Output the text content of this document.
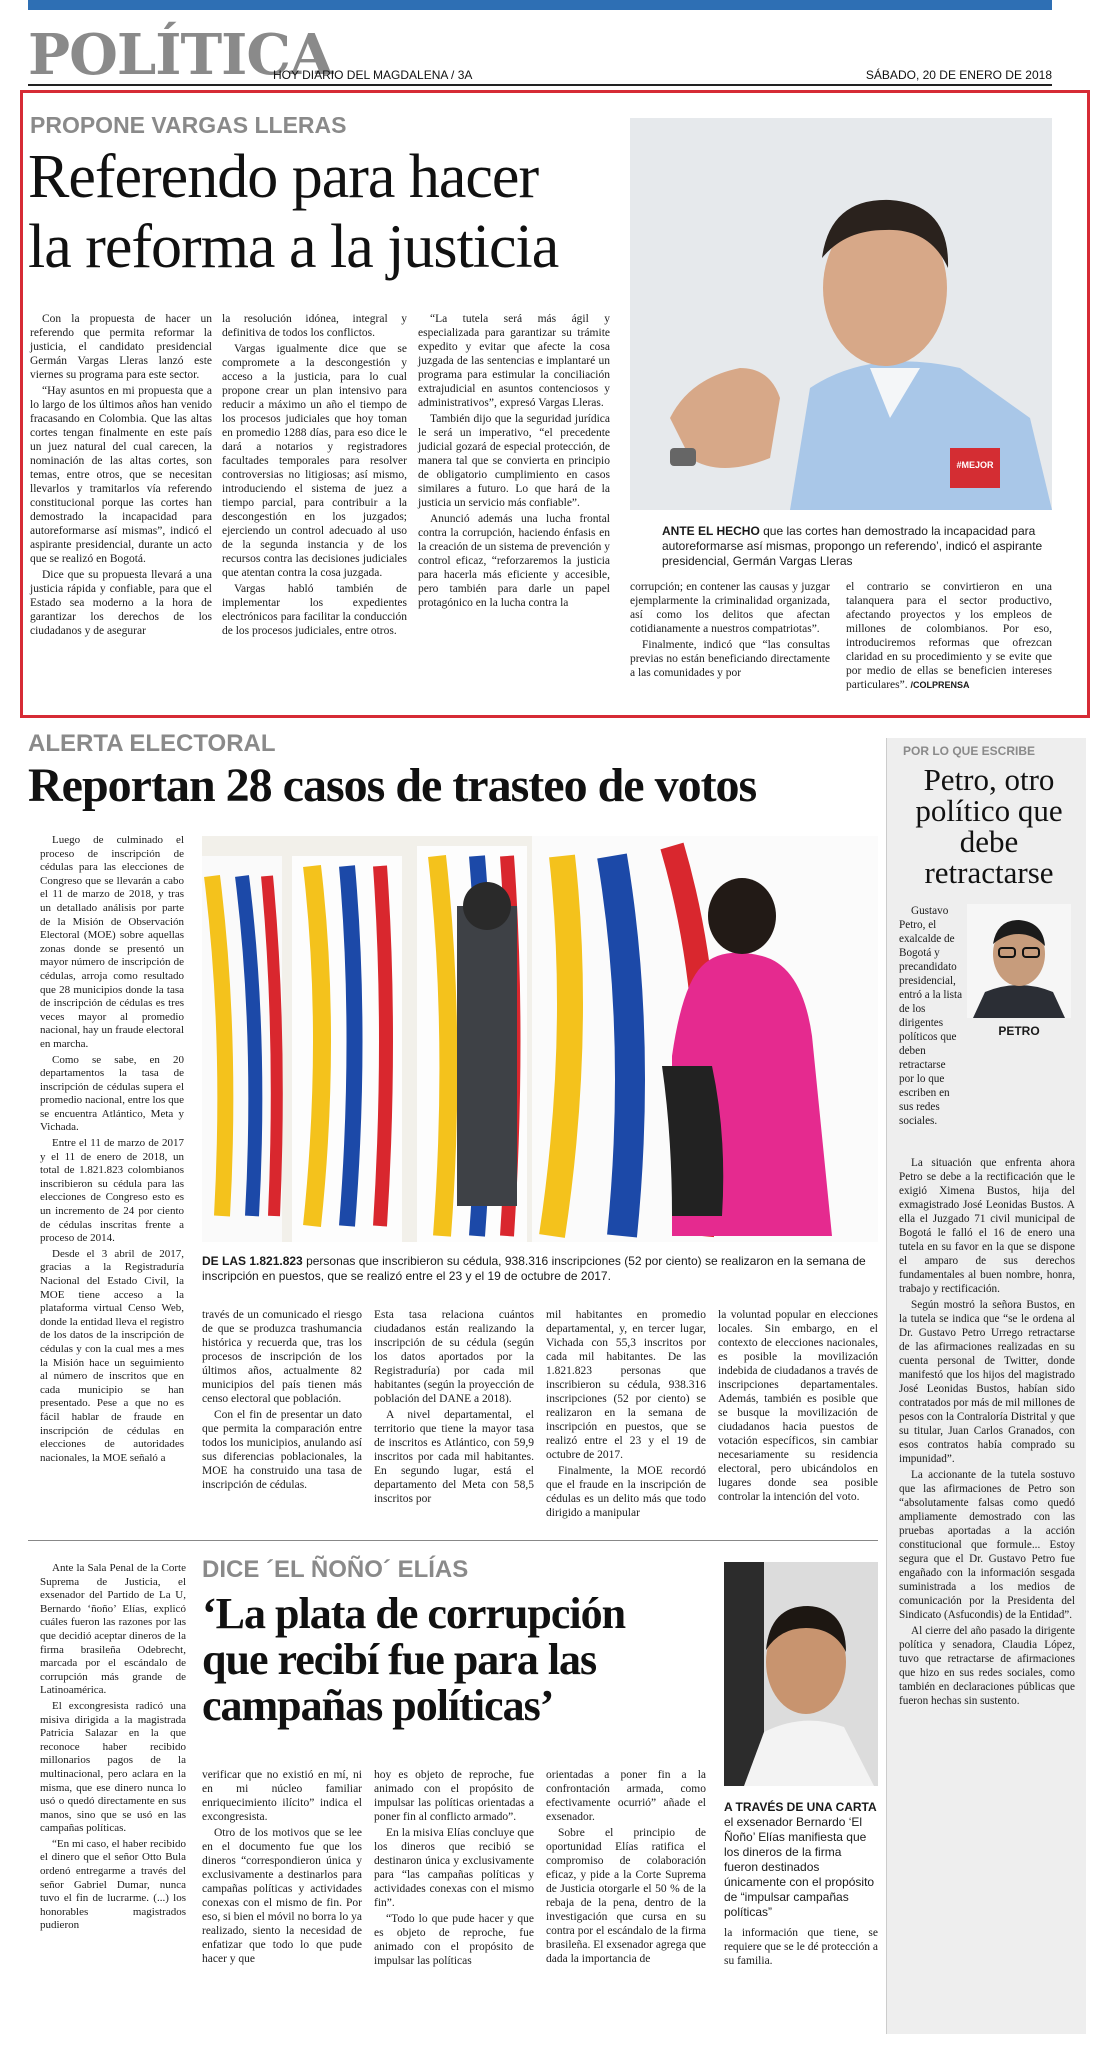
POLÍTICA
HOY DIARIO DEL MAGDALENA / 3A	SÁBADO, 20 DE ENERO DE 2018
PROPONE VARGAS LLERAS
Referendo para hacer
la reforma a la justicia

Con la propuesta de hacer un referendo que permita reformar la justicia, el candidato presidencial Germán Vargas Lleras lanzó este viernes su programa para este sector.

“Hay asuntos en mi propuesta que a lo largo de los últimos años han venido fracasando en Colombia. Que las altas cortes tengan finalmente en este país un juez natural del cual carecen, la nominación de las altas cortes, son temas, entre otros, que se necesitan llevarlos y tramitarlos vía referendo constitucional porque las cortes han demostrado la incapacidad para autoreformarse así mismas”, indicó el aspirante presidencial, durante un acto que se realizó en Bogotá.

Dice que su propuesta llevará a una justicia rápida y confiable, para que el Estado sea moderno a la hora de garantizar los derechos de los ciudadanos y de asegurar

la resolución idónea, integral y definitiva de todos los conflictos.

Vargas igualmente dice que se compromete a la descongestión y acceso a la justicia, para lo cual propone crear un plan intensivo para reducir a máximo un año el tiempo de los procesos judiciales que hoy toman en promedio 1288 días, para eso dice le dará a notarios y registradores facultades temporales para resolver controversias no litigiosas; así mismo, introduciendo el sistema de juez a tiempo parcial, para contribuir a la descongestión en los juzgados; ejerciendo un control adecuado al uso de la segunda instancia y de los recursos contra las decisiones judiciales que atentan contra la cosa juzgada.

Vargas habló también de implementar los expedientes electrónicos para facilitar la conducción de los procesos judiciales, entre otros.

“La tutela será más ágil y especializada para garantizar su trámite expedito y evitar que afecte la cosa juzgada de las sentencias e implantaré un programa para estimular la conciliación extrajudicial en asuntos contenciosos y administrativos”, expresó Vargas Lleras.

También dijo que la seguridad jurídica le será un imperativo, “el precedente judicial gozará de especial protección, de manera tal que se convierta en principio de obligatorio cumplimiento en casos similares a futuro. Lo que hará de la justicia un servicio más confiable”.

Anunció además una lucha frontal contra la corrupción, haciendo énfasis en la creación de un sistema de prevención y control eficaz, “reforzaremos la justicia para hacerla más eficiente y accesible, pero también para darle un papel protagónico en la lucha contra la

#MEJOR
ANTE EL HECHO que las cortes han demostrado la incapacidad para autoreformarse así mismas, propongo un referendo’, indicó el aspirante presidencial, Germán Vargas Lleras

corrupción; en contener las causas y juzgar ejemplarmente la criminalidad organizada, así como los delitos que afectan cotidianamente a nuestros compatriotas”.

Finalmente, indicó que “las consultas previas no están beneficiando directamente a las comunidades y por

el contrario se convirtieron en una talanquera para el sector productivo, afectando proyectos y los empleos de millones de colombianos. Por eso, introduciremos reformas que ofrezcan claridad en su procedimiento y se evite que por medio de ellas se beneficien intereses particulares”. /COLPRENSA

ALERTA ELECTORAL
Reportan 28 casos de trasteo de votos

Luego de culminado el proceso de inscripción de cédulas para las elecciones de Congreso que se llevarán a cabo el 11 de marzo de 2018, y tras un detallado análisis por parte de la Misión de Observación Electoral (MOE) sobre aquellas zonas donde se presentó un mayor número de inscripción de cédulas, arroja como resultado que 28 municipios donde la tasa de inscripción de cédulas es tres veces mayor al promedio nacional, hay un fraude electoral en marcha.

Como se sabe, en 20 departamentos la tasa de inscripción de cédulas supera el promedio nacional, entre los que se encuentra Atlántico, Meta y Vichada.

Entre el 11 de marzo de 2017 y el 11 de enero de 2018, un total de 1.821.823 colombianos inscribieron su cédula para las elecciones de Congreso esto es un incremento de 24 por ciento de cédulas inscritas frente a proceso de 2014.

Desde el 3 abril de 2017, gracias a la Registraduría Nacional del Estado Civil, la MOE tiene acceso a la plataforma virtual Censo Web, donde la entidad lleva el registro de los datos de la inscripción de cédulas y con la cual mes a mes la Misión hace un seguimiento al número de inscritos que en cada municipio se han presentado. Pese a que no es fácil hablar de fraude en inscripción de cédulas en elecciones de autoridades nacionales, la MOE señaló a

DE LAS 1.821.823 personas que inscribieron su cédula, 938.316 inscripciones (52 por ciento) se realizaron en la semana de inscripción en puestos, que se realizó entre el 23 y el 19 de octubre de 2017.

través de un comunicado el riesgo de que se produzca trashumancia histórica y recuerda que, tras los procesos de inscripción de los últimos años, actualmente 82 municipios del país tienen más censo electoral que población.

Con el fin de presentar un dato que permita la comparación entre todos los municipios, anulando así sus diferencias poblacionales, la MOE ha construido una tasa de inscripción de cédulas.

Esta tasa relaciona cuántos ciudadanos están realizando la inscripción de su cédula (según los datos aportados por la Registraduría) por cada mil habitantes (según la proyección de población del DANE a 2018).

A nivel departamental, el territorio que tiene la mayor tasa de inscritos es Atlántico, con 59,9 inscritos por cada mil habitantes. En segundo lugar, está el departamento del Meta con 58,5 inscritos por

mil habitantes en promedio departamental, y, en tercer lugar, Vichada con 55,3 inscritos por cada mil habitantes. De las 1.821.823 personas que inscribieron su cédula, 938.316 inscripciones (52 por ciento) se realizaron en la semana de inscripción en puestos, que se realizó entre el 23 y el 19 de octubre de 2017.

Finalmente, la MOE recordó que el fraude en la inscripción de cédulas es un delito más que todo dirigido a manipular

la voluntad popular en elecciones locales. Sin embargo, en el contexto de elecciones nacionales, es posible la movilización indebida de ciudadanos a través de inscripciones departamentales. Además, también es posible que se busque la movilización de ciudadanos hacia puestos de votación específicos, sin cambiar necesariamente su residencia electoral, pero ubicándolos en lugares donde sea posible controlar la intención del voto.

Ante la Sala Penal de la Corte Suprema de Justicia, el exsenador del Partido de La U, Bernardo ‘ñoño’ Elías, explicó cuáles fueron las razones por las que decidió aceptar dineros de la firma brasileña Odebrecht, marcada por el escándalo de corrupción más grande de Latinoamérica.

El excongresista radicó una misiva dirigida a la magistrada Patricia Salazar en la que reconoce haber recibido millonarios pagos de la multinacional, pero aclara en la misma, que ese dinero nunca lo usó o quedó directamente en sus manos, sino que se usó en las campañas políticas.

“En mi caso, el haber recibido el dinero que el señor Otto Bula ordenó entregarme a través del señor Gabriel Dumar, nunca tuvo el fin de lucrarme. (...) los honorables magistrados pudieron

DICE ´EL ÑOÑO´ ELÍAS
‘La plata de corrupción
que recibí fue para las
campañas políticas’

verificar que no existió en mí, ni en mi núcleo familiar enriquecimiento ilícito” indica el excongresista.

Otro de los motivos que se lee en el documento fue que los dineros “correspondieron única y exclusivamente a destinarlos para campañas políticas y actividades conexas con el mismo de fin. Por eso, si bien el móvil no borra lo ya realizado, siento la necesidad de enfatizar que todo lo que pude hacer y que

hoy es objeto de reproche, fue animado con el propósito de impulsar las políticas orientadas a poner fin al conflicto armado”.

En la misiva Elías concluye que los dineros que recibió se destinaron única y exclusivamente para “las campañas políticas y actividades conexas con el mismo fin”.

“Todo lo que pude hacer y que es objeto de reproche, fue animado con el propósito de impulsar las políticas

orientadas a poner fin a la confrontación armada, como efectivamente ocurrió” añade el exsenador.

Sobre el principio de oportunidad Elías ratifica el compromiso de colaboración eficaz, y pide a la Corte Suprema de Justicia otorgarle el 50 % de la rebaja de la pena, dentro de la investigación que cursa en su contra por el escándalo de la firma brasileña. El exsenador agrega que dada la importancia de

A TRAVÉS DE UNA CARTA el exsenador Bernardo ‘El Ñoño’ Elías manifiesta que los dineros de la firma fueron destinados únicamente con el propósito de “impulsar campañas políticas”

la información que tiene, se requiere que se le dé protección a su familia.

POR LO QUE ESCRIBE
Petro, otro político que debe retractarse
PETRO

Gustavo Petro, el exalcalde de Bogotá y precandidato presidencial, entró a la lista de los dirigentes políticos que deben retractarse por lo que escriben en sus redes sociales.

La situación que enfrenta ahora Petro se debe a la rectificación que le exigió Ximena Bustos, hija del exmagistrado José Leonidas Bustos. A ella el Juzgado 71 civil municipal de Bogotá le falló el 16 de enero una tutela en su favor en la que se dispone el amparo de sus derechos fundamentales al buen nombre, honra, trabajo y rectificación.

Según mostró la señora Bustos, en la tutela se indica que “se le ordena al Dr. Gustavo Petro Urrego retractarse de las afirmaciones realizadas en su cuenta personal de Twitter, donde manifestó que los hijos del magistrado José Leonidas Bustos, habían sido contratados por más de mil millones de pesos con la Contraloría Distrital y que su titular, Juan Carlos Granados, con esos contratos había comprado su impunidad”.

La accionante de la tutela sostuvo que las afirmaciones de Petro son “absolutamente falsas como quedó ampliamente demostrado con las pruebas aportadas a la acción constitucional que formule... Estoy segura que el Dr. Gustavo Petro fue engañado con la información sesgada suministrada a los medios de comunicación por la Presidenta del Sindicato (Asfucondis) de la Entidad”.

Al cierre del año pasado la dirigente política y senadora, Claudia López, tuvo que retractarse de afirmaciones que hizo en sus redes sociales, como también en declaraciones públicas que fueron hechas sin sustento.
